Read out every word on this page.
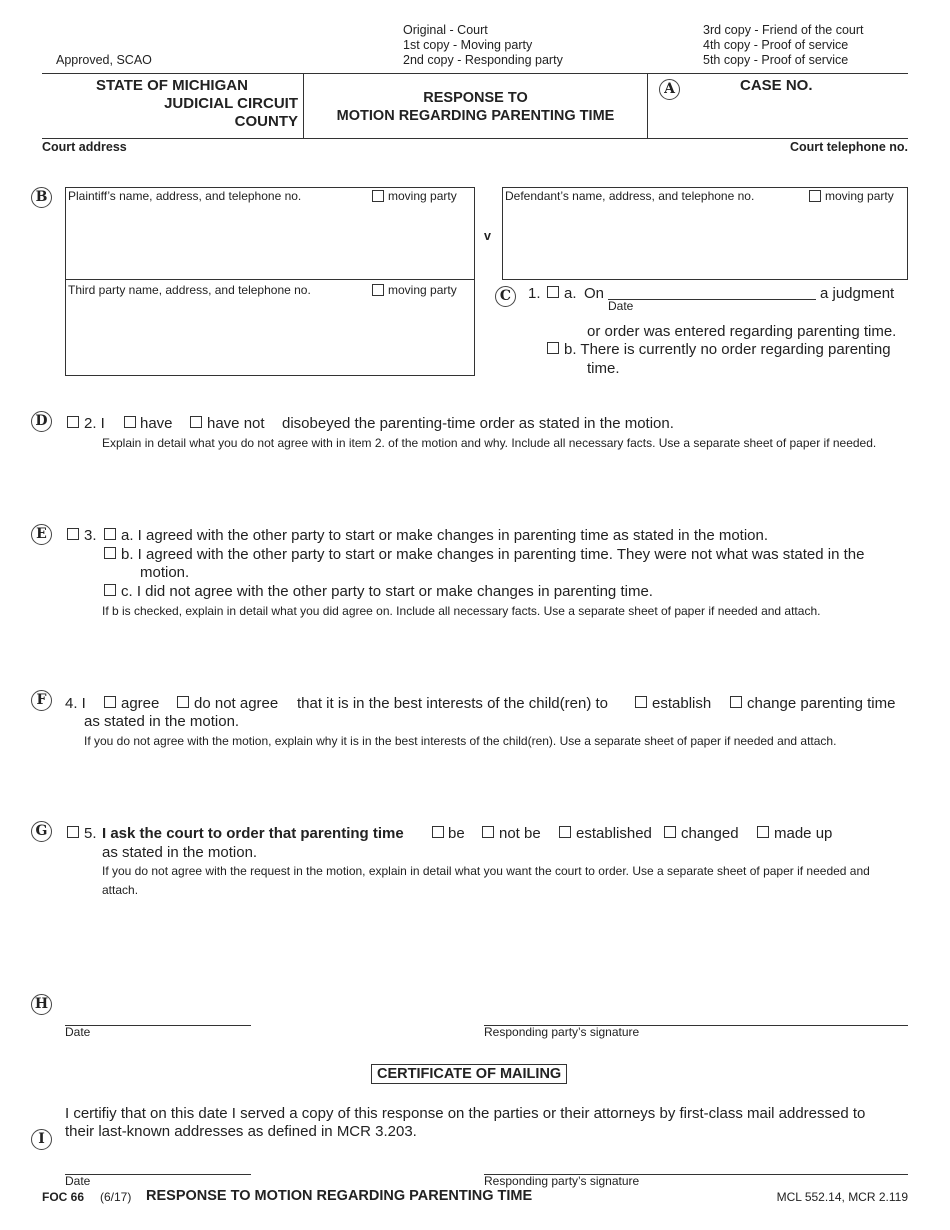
Approved, SCAO
Original - Court
1st copy - Moving party
2nd copy - Responding party
3rd copy - Friend of the court
4th copy - Proof of service
5th copy - Proof of service
STATE OF MICHIGAN
JUDICIAL CIRCUIT
COUNTY
RESPONSE TO
MOTION REGARDING PARENTING TIME
A	CASE NO.
Court address	Court telephone no.
B	Plaintiff’s name, address, and telephone no.	moving party
Third party name, address, and telephone no.	moving party
v
Defendant’s name, address, and telephone no.	moving party
C	1. a. On
Date
a judgment
or order was entered regarding parenting time.
b. There is currently no order regarding parenting
time.
D 2. I have have not disobeyed the parenting-time order as stated in the motion.
Explain in detail what you do not agree with in item 2. of the motion and why. Include all necessary facts. Use a separate sheet of paper if needed.
E	3. a. I agreed with the other party to start or make changes in parenting time as stated in the motion.
b. I agreed with the other party to start or make changes in parenting time. They were not what was stated in the
motion.
c. I did not agree with the other party to start or make changes in parenting time.
If b is checked, explain in detail what you did agree on. Include all necessary facts. Use a separate sheet of paper if needed and attach.
F	4. I agree do not agree that it is in the best interests of the child(ren) to	establish change parenting time
as stated in the motion.
If you do not agree with the motion, explain why it is in the best interests of the child(ren). Use a separate sheet of paper if needed and attach.
G	5. I ask the court to order that parenting time	be not be established changed made up
as stated in the motion.
If you do not agree with the request in the motion, explain in detail what you want the court to order. Use a separate sheet of paper if needed and
attach.
H
Date	Responding party’s signature
CERTIFICATE OF MAILING
I certifiy that on this date I served a copy of this response on the parties or their attorneys by first-class mail addressed to
their last-known addresses as defined in MCR 3.203.
I
Date	Responding party’s signature
FOC 66 (6/17) RESPONSE TO MOTION REGARDING PARENTING TIME	MCL 552.14, MCR 2.119
